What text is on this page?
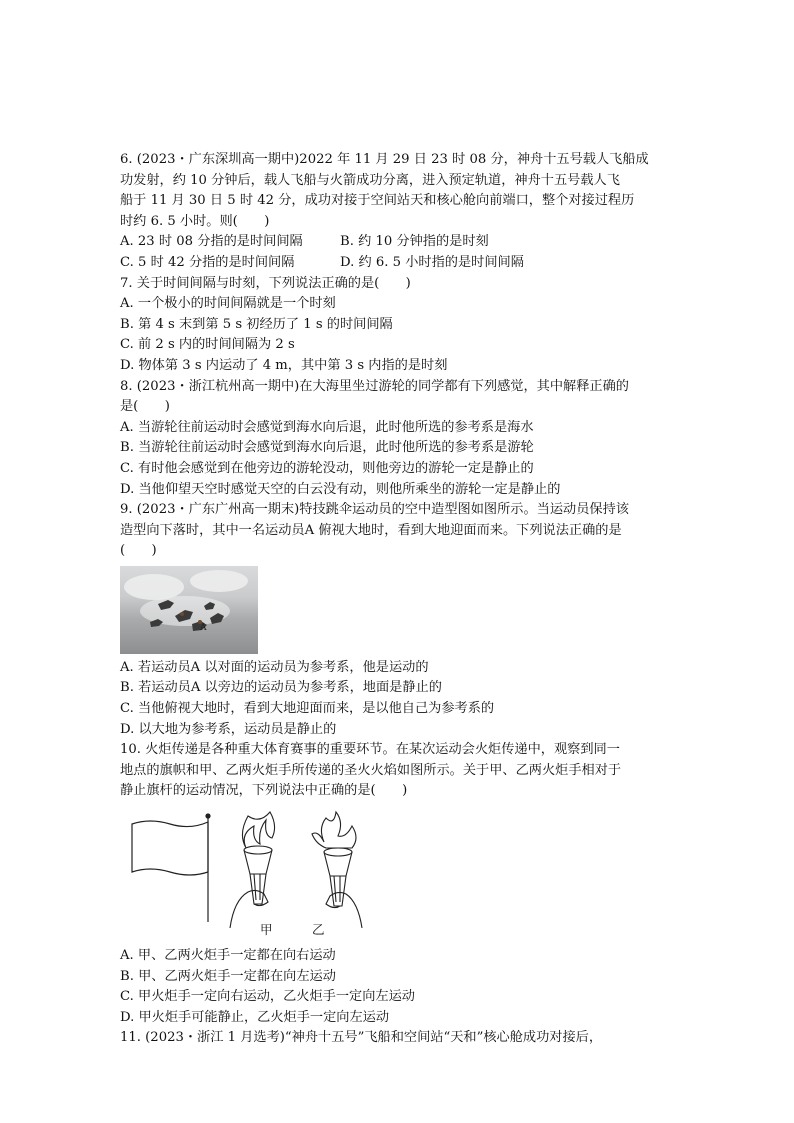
6. (2023・广东深圳高一期中)2022 年 11 月 29 日 23 时 08 分，神舟十五号载人飞船成
功发射，约 10 分钟后，载人飞船与火箭成功分离，进入预定轨道，神舟十五号载人飞
船于 11 月 30 日 5 时 42 分，成功对接于空间站天和核心舱向前端口，整个对接过程历
时约 6. 5 小时。则(　　)
A. 23 时 08 分指的是时间间隔	B. 约 10 分钟指的是时刻
C. 5 时 42 分指的是时间间隔	D. 约 6. 5 小时指的是时间间隔
7. 关于时间间隔与时刻，下列说法正确的是(　　)
A. 一个极小的时间间隔就是一个时刻
B. 第 4 s 末到第 5 s 初经历了 1 s 的时间间隔
C. 前 2 s 内的时间间隔为 2 s
D. 物体第 3 s 内运动了 4 m，其中第 3 s 内指的是时刻
8. (2023・浙江杭州高一期中)在大海里坐过游轮的同学都有下列感觉，其中解释正确的
是(　　)
A. 当游轮往前运动时会感觉到海水向后退，此时他所选的参考系是海水
B. 当游轮往前运动时会感觉到海水向后退，此时他所选的参考系是游轮
C. 有时他会感觉到在他旁边的游轮没动，则他旁边的游轮一定是静止的
D. 当他仰望天空时感觉天空的白云没有动，则他所乘坐的游轮一定是静止的
9. (2023・广东广州高一期末)特技跳伞运动员的空中造型图如图所示。当运动员保持该
造型向下落时，其中一名运动员A 俯视大地时，看到大地迎面而来。下列说法正确的是
(　　)
A
A. 若运动员A 以对面的运动员为参考系，他是运动的
B. 若运动员A 以旁边的运动员为参考系，地面是静止的
C. 当他俯视大地时，看到大地迎面而来，是以他自己为参考系的
D. 以大地为参考系，运动员是静止的
10. 火炬传递是各种重大体育赛事的重要环节。在某次运动会火炬传递中，观察到同一
地点的旗帜和甲、乙两火炬手所传递的圣火火焰如图所示。关于甲、乙两火炬手相对于
静止旗杆的运动情况，下列说法中正确的是(　　)
甲	乙
A. 甲、乙两火炬手一定都在向右运动
B. 甲、乙两火炬手一定都在向左运动
C. 甲火炬手一定向右运动，乙火炬手一定向左运动
D. 甲火炬手可能静止，乙火炬手一定向左运动
11. (2023・浙江 1 月选考)“神舟十五号”飞船和空间站“天和”核心舱成功对接后，
